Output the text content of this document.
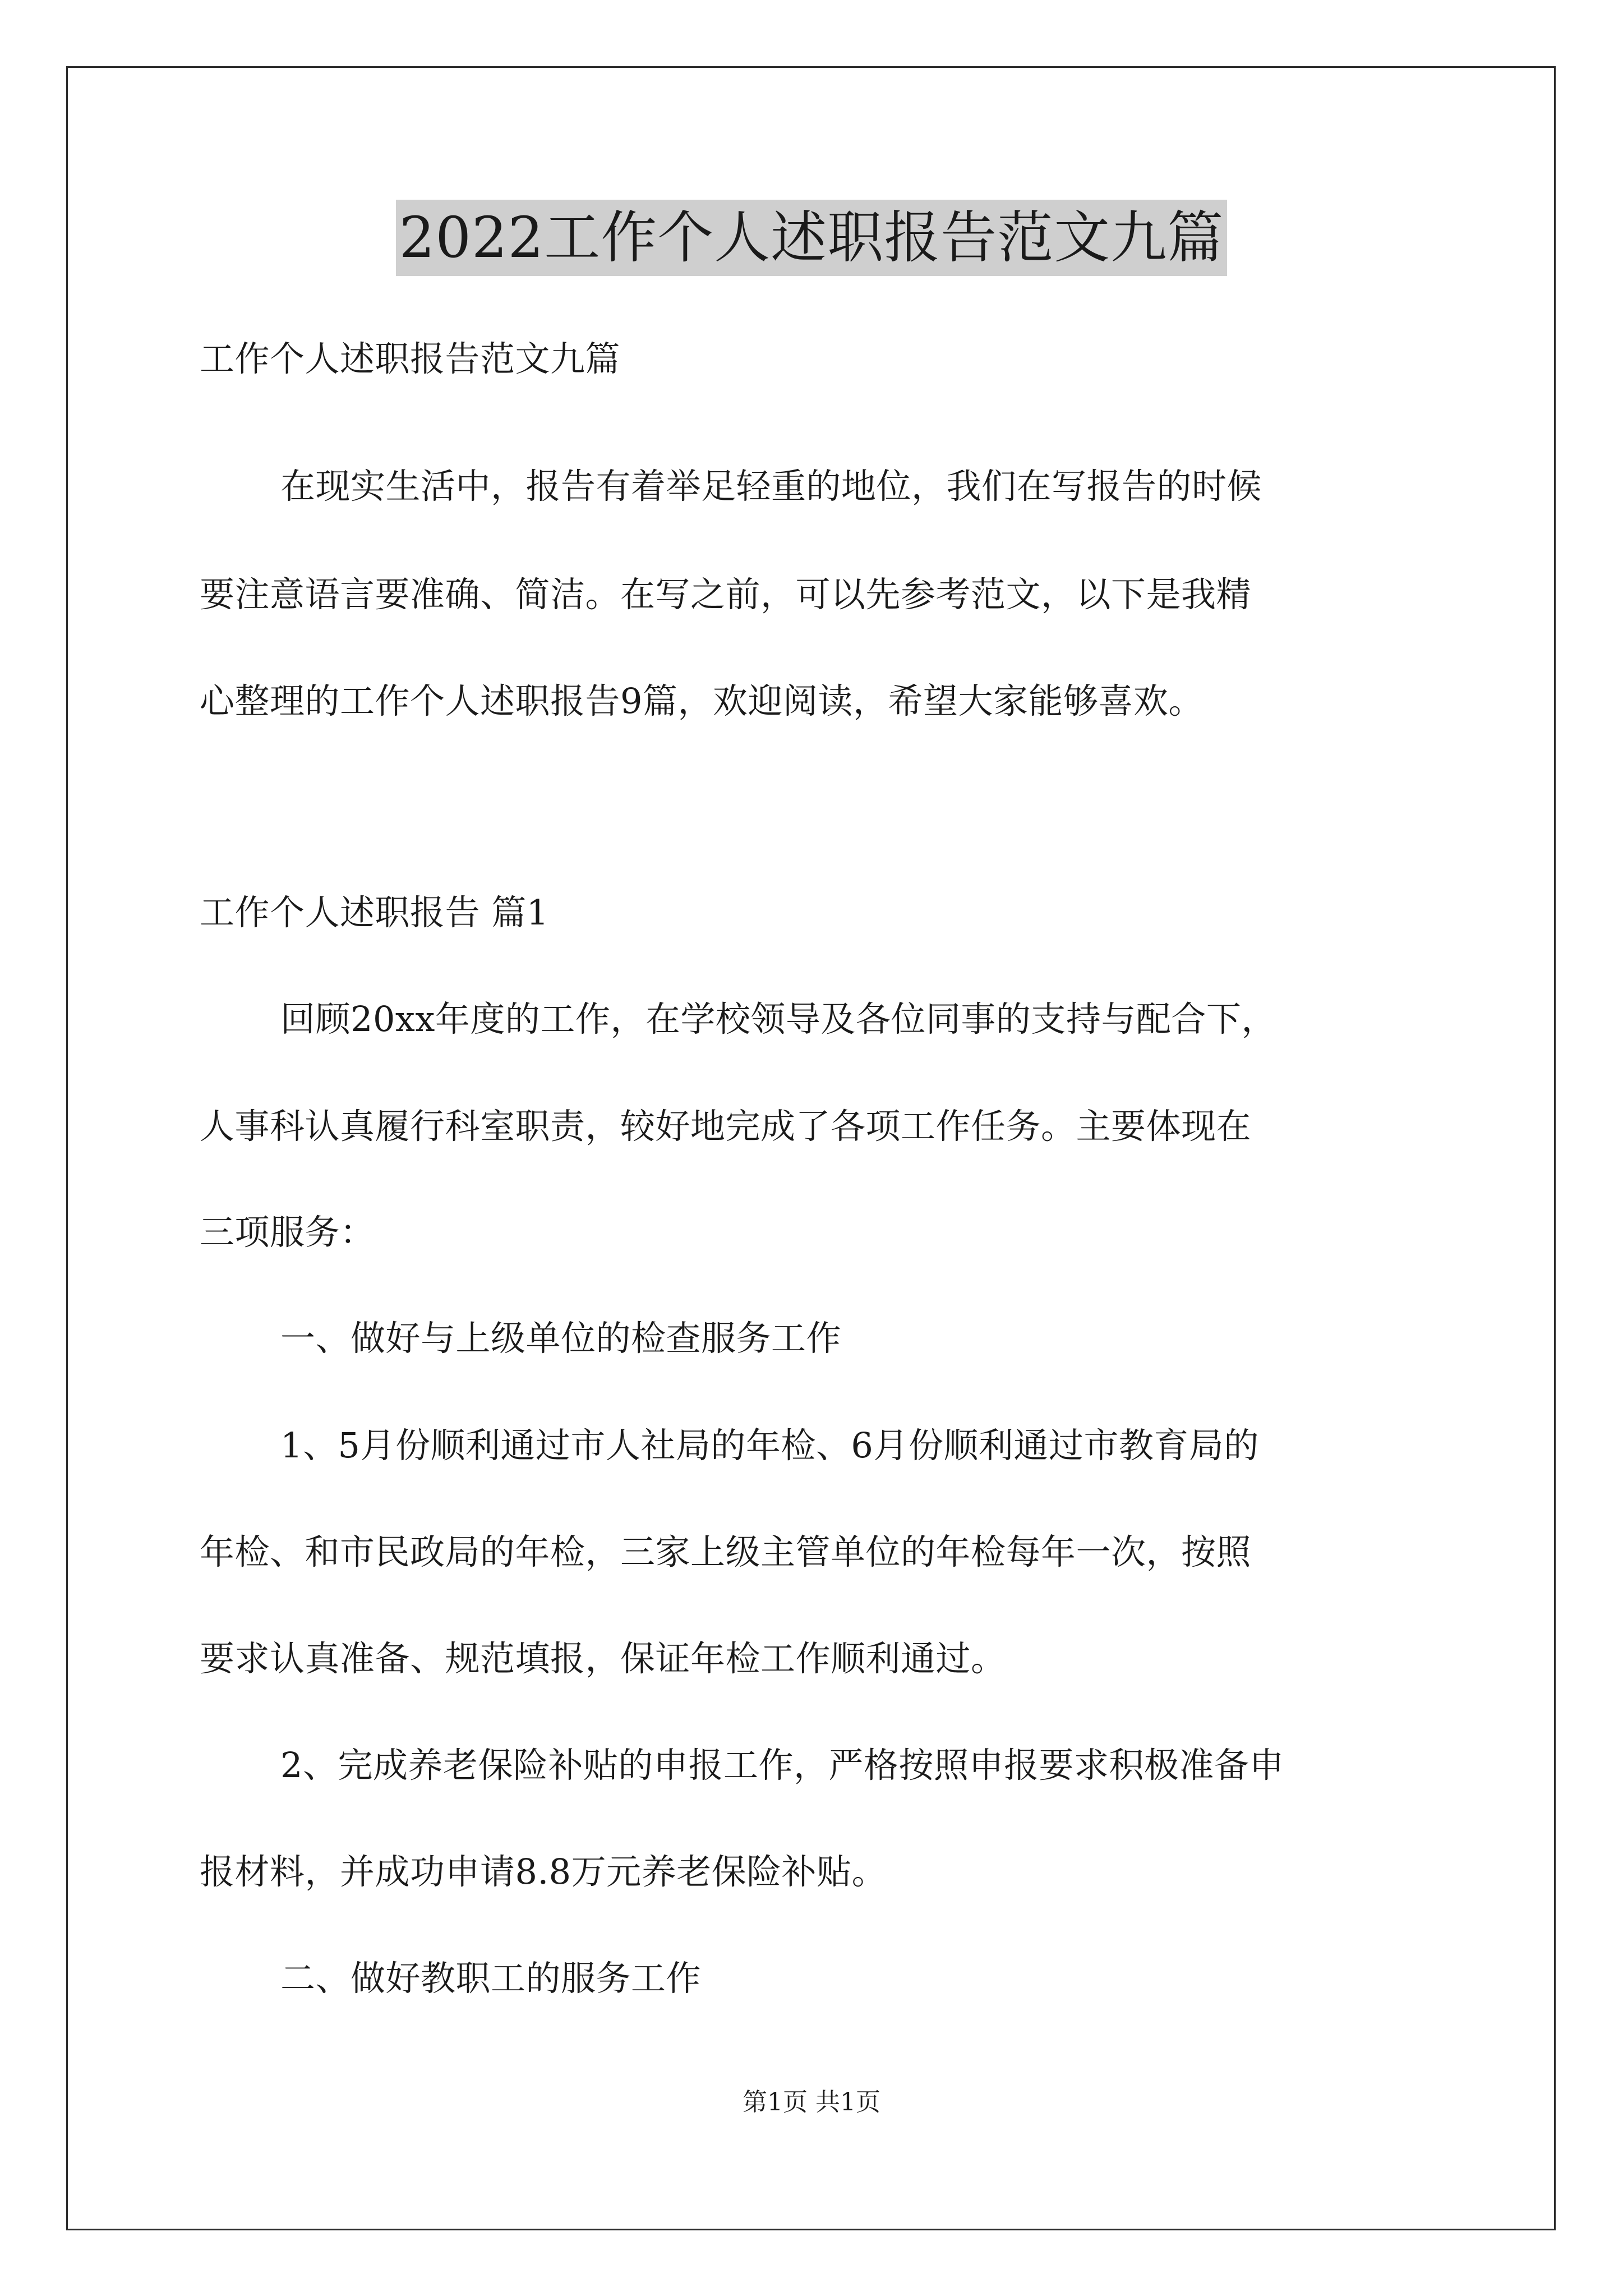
2022工作个人述职报告范文九篇
工作个人述职报告范文九篇
在现实生活中，报告有着举足轻重的地位，我们在写报告的时候
要注意语言要准确、简洁。在写之前，可以先参考范文，以下是我精
心整理的工作个人述职报告9篇，欢迎阅读，希望大家能够喜欢。
工作个人述职报告 篇1
回顾20xx年度的工作，在学校领导及各位同事的支持与配合下，
人事科认真履行科室职责，较好地完成了各项工作任务。主要体现在
三项服务：
一、做好与上级单位的检查服务工作
1、5月份顺利通过市人社局的年检、6月份顺利通过市教育局的
年检、和市民政局的年检，三家上级主管单位的年检每年一次，按照
要求认真准备、规范填报，保证年检工作顺利通过。
2、完成养老保险补贴的申报工作，严格按照申报要求积极准备申
报材料，并成功申请8.8万元养老保险补贴。
二、做好教职工的服务工作
第1页 共1页
